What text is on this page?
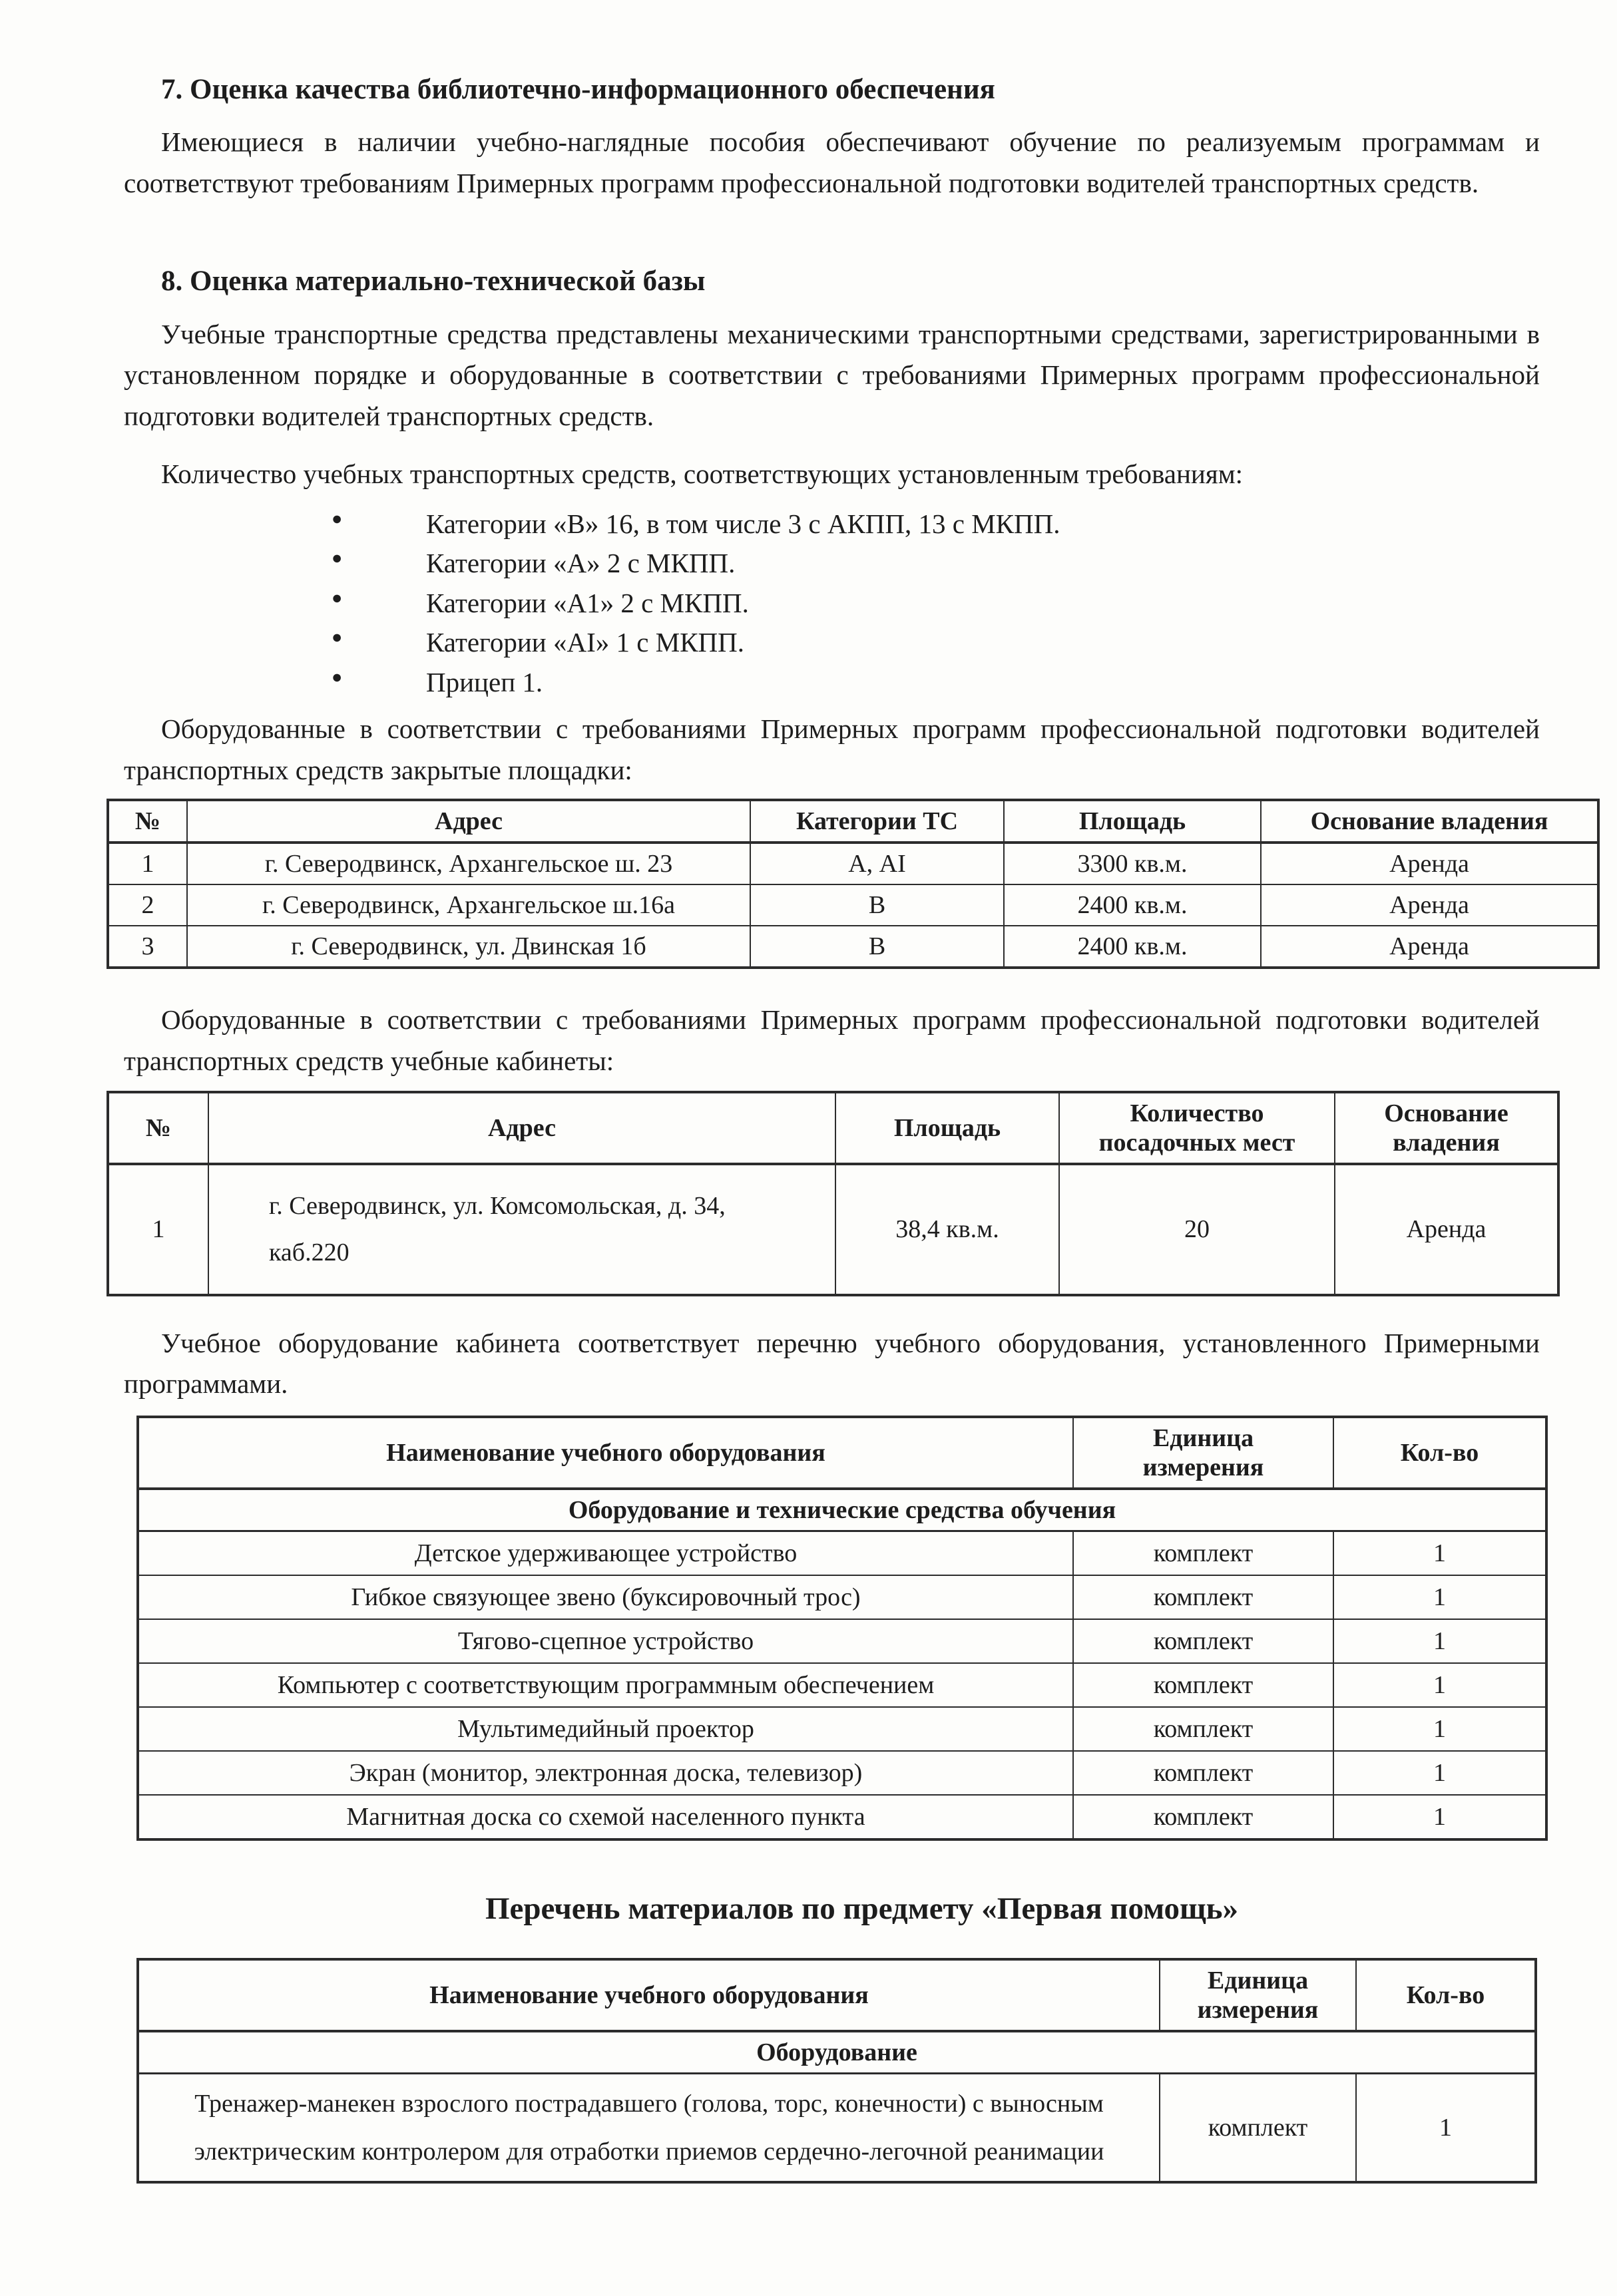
7. Оценка качества библиотечно-информационного обеспечения

Имеющиеся в наличии учебно-наглядные пособия обеспечивают обучение по реализуемым программам и соответствуют требованиям Примерных программ профессиональной подготовки водителей транспортных средств.

8. Оценка материально-технической базы

Учебные транспортные средства представлены механическими транспортными средствами, зарегистрированными в установленном порядке и оборудованные в соответствии с требованиями Примерных программ профессиональной подготовки водителей транспортных средств.

Количество учебных транспортных средств, соответствующих установленным требованиям:

●	Категории «В» 16, в том числе 3 с АКПП, 13 с МКПП.
●	Категории «А» 2 с МКПП.
●	Категории «А1» 2 с МКПП.
●	Категории «АI» 1 с МКПП.
●	Прицеп 1.

Оборудованные в соответствии с требованиями Примерных программ профессиональной подготовки водителей транспортных средств закрытые площадки:

№	Адрес	Категории ТС	Площадь	Основание владения
1	г. Северодвинск, Архангельское ш. 23	А, АI	3300 кв.м.	Аренда
2	г. Северодвинск, Архангельское ш.16а	В	2400 кв.м.	Аренда
3	г. Северодвинск, ул. Двинская 1б	В	2400 кв.м.	Аренда

Оборудованные в соответствии с требованиями Примерных программ профессиональной подготовки водителей транспортных средств учебные кабинеты:

№	Адрес	Площадь	Количество посадочных мест	Основание владения
1	г. Северодвинск, ул. Комсомольская, д. 34, каб.220	38,4 кв.м.	20	Аренда

Учебное оборудование кабинета соответствует перечню учебного оборудования, установленного Примерными программами.

Наименование учебного оборудования	Единица измерения	Кол-во
Оборудование и технические средства обучения		
Детское удерживающее устройство	комплект	1
Гибкое связующее звено (буксировочный трос)	комплект	1
Тягово-сцепное устройство	комплект	1
Компьютер с соответствующим программным обеспечением	комплект	1
Мультимедийный проектор	комплект	1
Экран (монитор, электронная доска, телевизор)	комплект	1
Магнитная доска со схемой населенного пункта	комплект	1
Перечень материалов по предмету «Первая помощь»
Наименование учебного оборудования	Единица измерения	Кол-во
Оборудование		
Тренажер-манекен взрослого пострадавшего (голова, торс, конечности) с выносным электрическим контролером для отработки приемов сердечно-легочной реанимации	комплект	1
